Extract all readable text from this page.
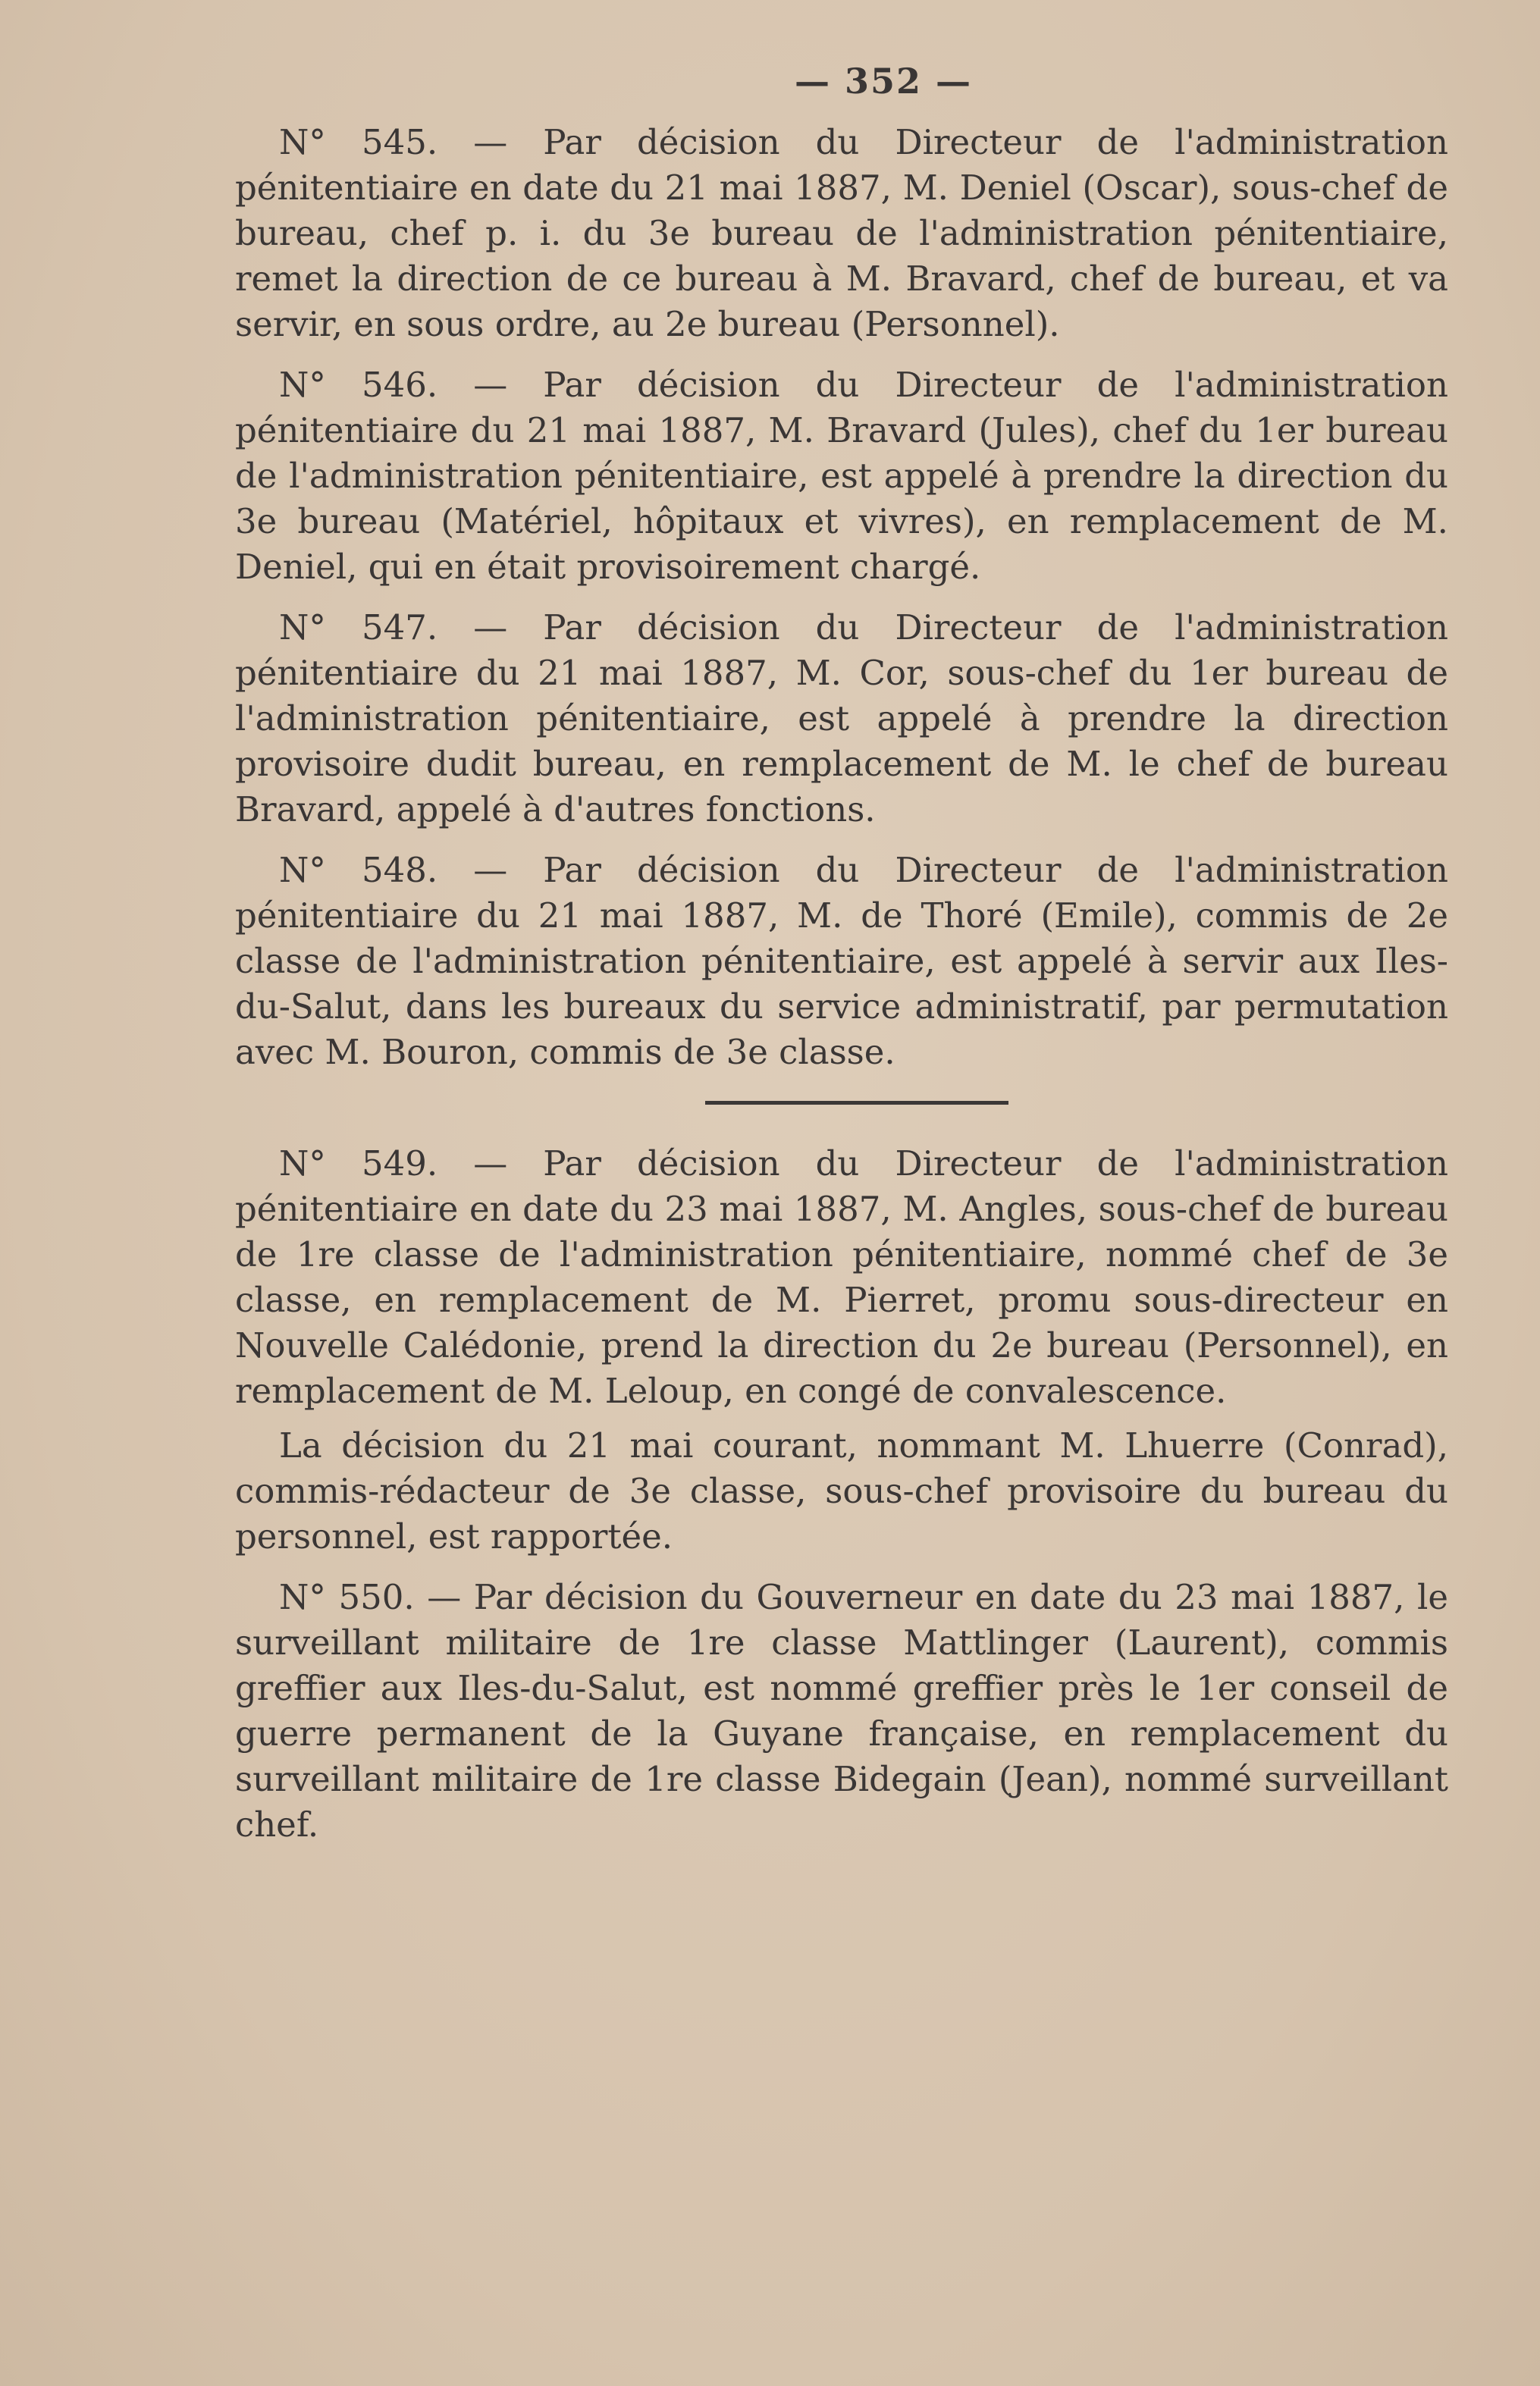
— 352 —

N° 545. — Par décision du Directeur de l'administration pénitentiaire en date du 21 mai 1887, M. Deniel (Oscar), sous-chef de bureau, chef p. i. du 3e bureau de l'administration pénitentiaire, remet la direction de ce bureau à M. Bravard, chef de bureau, et va servir, en sous ordre, au 2e bureau (Personnel).

N° 546. — Par décision du Directeur de l'administration pénitentiaire du 21 mai 1887, M. Bravard (Jules), chef du 1er bureau de l'administration pénitentiaire, est appelé à prendre la direction du 3e bureau (Matériel, hôpitaux et vivres), en remplacement de M. Deniel, qui en était provisoirement chargé.

N° 547. — Par décision du Directeur de l'administration pénitentiaire du 21 mai 1887, M. Cor, sous-chef du 1er bureau de l'administration pénitentiaire, est appelé à prendre la direction provisoire dudit bureau, en remplacement de M. le chef de bureau Bravard, appelé à d'autres fonctions.

N° 548. — Par décision du Directeur de l'administration pénitentiaire du 21 mai 1887, M. de Thoré (Emile), commis de 2e classe de l'administration pénitentiaire, est appelé à servir aux Iles-du-Salut, dans les bureaux du service administratif, par permutation avec M. Bouron, commis de 3e classe.

N° 549. — Par décision du Directeur de l'administration pénitentiaire en date du 23 mai 1887, M. Angles, sous-chef de bureau de 1re classe de l'administration pénitentiaire, nommé chef de 3e classe, en remplacement de M. Pierret, promu sous-directeur en Nouvelle Calédonie, prend la direction du 2e bureau (Personnel), en remplacement de M. Leloup, en congé de convalescence.

La décision du 21 mai courant, nommant M. Lhuerre (Conrad), commis-rédacteur de 3e classe, sous-chef provisoire du bureau du personnel, est rapportée.

N° 550. — Par décision du Gouverneur en date du 23 mai 1887, le surveillant militaire de 1re classe Mattlinger (Laurent), commis greffier aux Iles-du-Salut, est nommé greffier près le 1er conseil de guerre permanent de la Guyane française, en remplacement du surveillant militaire de 1re classe Bidegain (Jean), nommé surveillant chef.
